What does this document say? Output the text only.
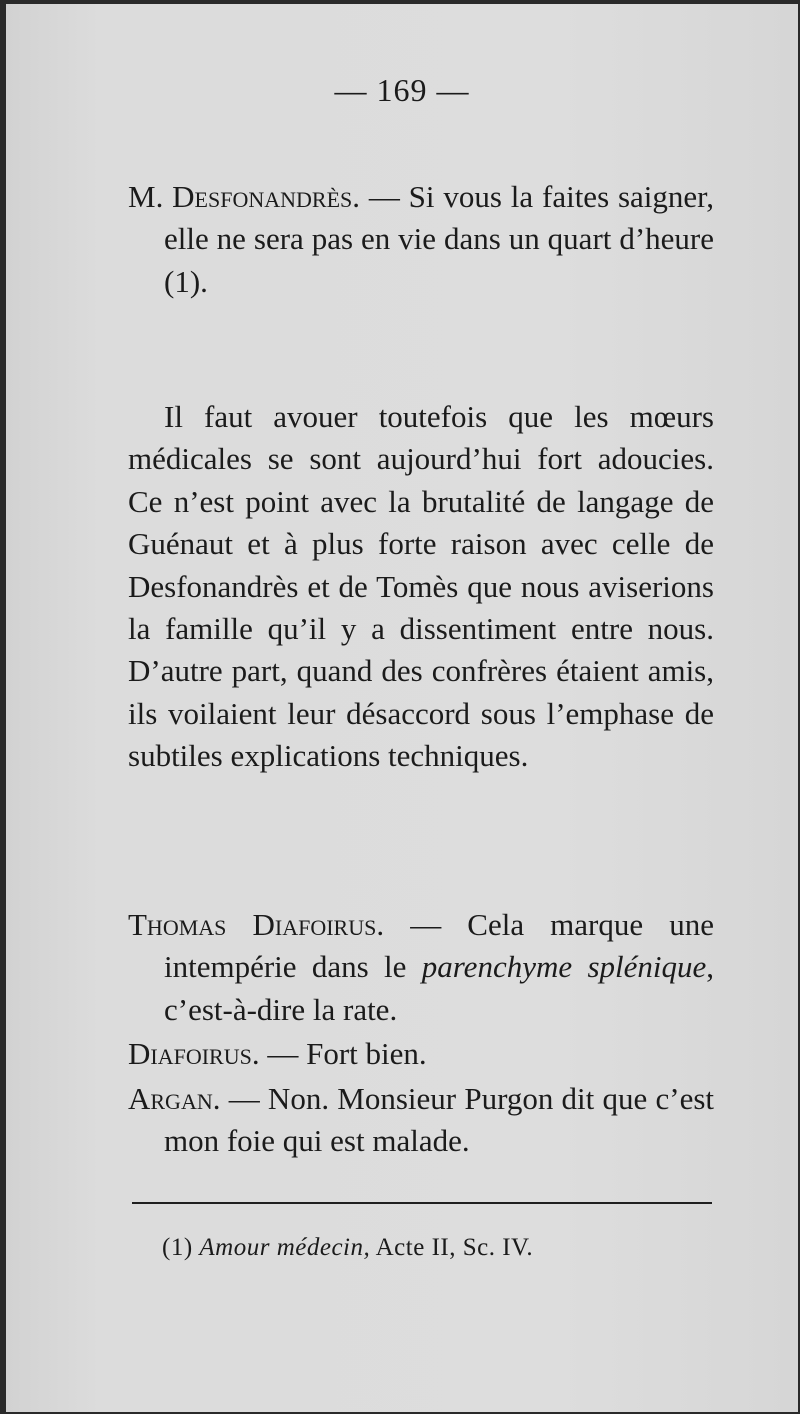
— 169 —

M. Desfonandrès. — Si vous la faites saigner, elle ne sera pas en vie dans un quart d’heure (1).

Il faut avouer toutefois que les mœurs médicales se sont aujourd’hui fort adoucies. Ce n’est point avec la brutalité de langage de Guénaut et à plus forte raison avec celle de Desfonandrès et de Tomès que nous aviserions la famille qu’il y a dissentiment entre nous. D’autre part, quand des confrères étaient amis, ils voilaient leur désaccord sous l’emphase de subtiles explications techniques.

Thomas Diafoirus. — Cela marque une intempérie dans le parenchyme splénique, c’est-à-dire la rate.

Diafoirus. — Fort bien.

Argan. — Non. Monsieur Purgon dit que c’est mon foie qui est malade.

(1) Amour médecin, Acte II, Sc. IV.
